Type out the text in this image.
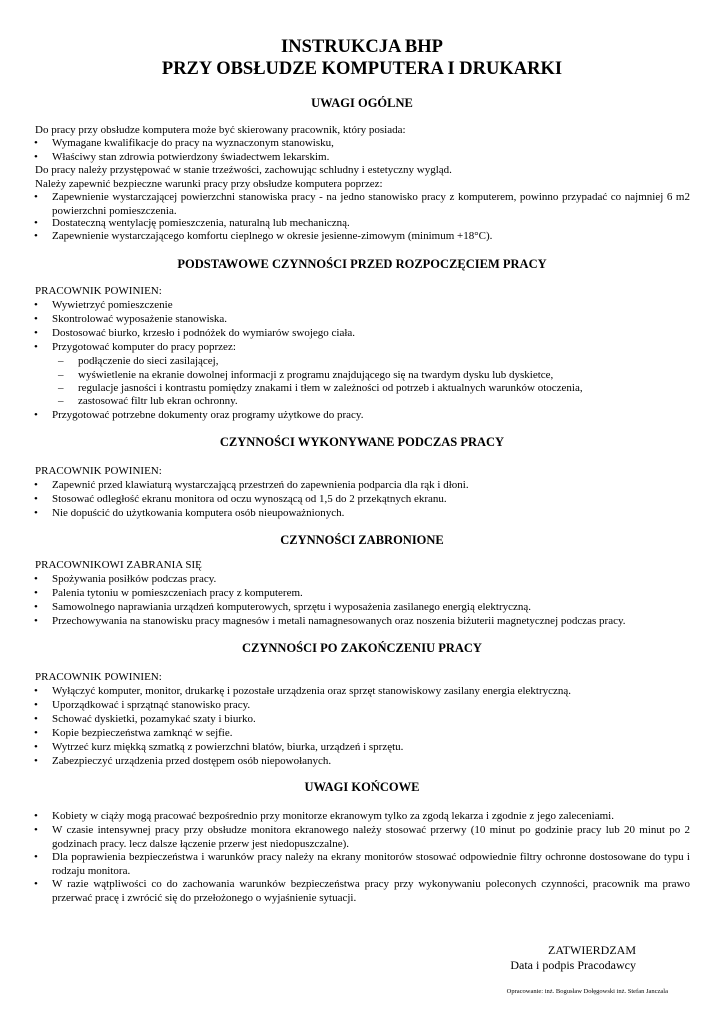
INSTRUKCJA BHP
PRZY OBSŁUDZE KOMPUTERA I DRUKARKI
UWAGI OGÓLNE
Do pracy przy obsłudze komputera może być skierowany pracownik, który posiada:
• Wymagane kwalifikacje do pracy na wyznaczonym stanowisku,
• Właściwy stan zdrowia potwierdzony świadectwem lekarskim.
Do pracy należy przystępować w stanie trzeźwości, zachowując schludny i estetyczny wygląd.
Należy zapewnić bezpieczne warunki pracy przy obsłudze komputera poprzez:
• Zapewnienie wystarczającej powierzchni stanowiska pracy - na jedno stanowisko pracy z komputerem, powinno przypadać co najmniej 6 m2 powierzchni pomieszczenia.
• Dostateczną wentylację pomieszczenia, naturalną lub mechaniczną.
• Zapewnienie wystarczającego komfortu cieplnego w okresie jesienne-zimowym (minimum +18°C).
PODSTAWOWE CZYNNOŚCI PRZED ROZPOCZĘCIEM PRACY
PRACOWNIK POWINIEN:
• Wywietrzyć pomieszczenie
• Skontrolować wyposażenie stanowiska.
• Dostosować biurko, krzesło i podnóżek do wymiarów swojego ciała.
• Przygotować komputer do pracy poprzez:
– podłączenie do sieci zasilającej,
– wyświetlenie na ekranie dowolnej informacji z programu znajdującego się na twardym dysku lub dyskietce,
– regulacje jasności i kontrastu pomiędzy znakami i tłem w zależności od potrzeb i aktualnych warunków otoczenia,
– zastosować filtr lub ekran ochronny.
• Przygotować potrzebne dokumenty oraz programy użytkowe do pracy.
CZYNNOŚCI WYKONYWANE PODCZAS PRACY
PRACOWNIK POWINIEN:
• Zapewnić przed klawiaturą wystarczającą przestrzeń do zapewnienia podparcia dla rąk i dłoni.
• Stosować odległość ekranu monitora od oczu wynoszącą od 1,5 do 2 przekątnych ekranu.
• Nie dopuścić do użytkowania komputera osób nieupoważnionych.
CZYNNOŚCI ZABRONIONE
PRACOWNIKOWI ZABRANIA SIĘ
• Spożywania posiłków podczas pracy.
• Palenia tytoniu w pomieszczeniach pracy z komputerem.
• Samowolnego naprawiania urządzeń komputerowych, sprzętu i wyposażenia zasilanego energią elektryczną.
• Przechowywania na stanowisku pracy magnesów i metali namagnesowanych oraz noszenia biżuterii magnetycznej podczas pracy.
CZYNNOŚCI PO ZAKOŃCZENIU PRACY
PRACOWNIK POWINIEN:
• Wyłączyć komputer, monitor, drukarkę i pozostałe urządzenia oraz sprzęt stanowiskowy zasilany energia elektryczną.
• Uporządkować i sprzątnąć stanowisko pracy.
• Schować dyskietki, pozamykać szaty i biurko.
• Kopie bezpieczeństwa zamknąć w sejfie.
• Wytrzeć kurz miękką szmatką z powierzchni blatów, biurka, urządzeń i sprzętu.
• Zabezpieczyć urządzenia przed dostępem osób niepowołanych.
UWAGI KOŃCOWE
• Kobiety w ciąży mogą pracować bezpośrednio przy monitorze ekranowym tylko za zgodą lekarza i zgodnie z jego zaleceniami.
• W czasie intensywnej pracy przy obsłudze monitora ekranowego należy stosować przerwy (10 minut po godzinie pracy lub 20 minut po 2 godzinach pracy. lecz dalsze łączenie przerw jest niedopuszczalne).
• Dla poprawienia bezpieczeństwa i warunków pracy należy na ekrany monitorów stosować odpowiednie filtry ochronne dostosowane do typu i rodzaju monitora.
• W razie wątpliwości co do zachowania warunków bezpieczeństwa pracy przy wykonywaniu poleconych czynności, pracownik ma prawo przerwać pracę i zwrócić się do przełożonego o wyjaśnienie sytuacji.
ZATWIERDZAM
Data i podpis Pracodawcy
Opracowanie: inż. Bogusław Dołęgowski inż. Stefan Janczala
